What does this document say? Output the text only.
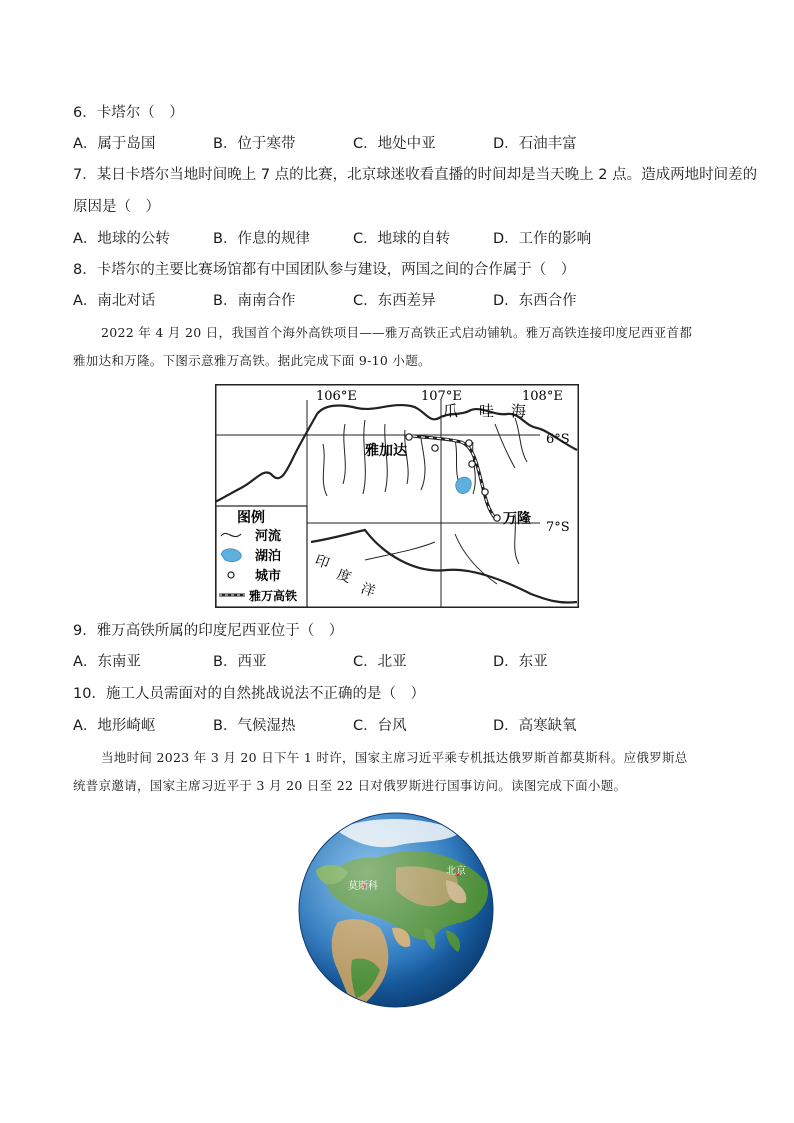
6．卡塔尔（　）
A．属于岛国	B．位于寒带	C．地处中亚	D．石油丰富
7．某日卡塔尔当地时间晚上 7 点的比赛，北京球迷收看直播的时间却是当天晚上 2 点。造成两地时间差的
原因是（　）
A．地球的公转	B．作息的规律	C．地球的自转	D．工作的影响
8．卡塔尔的主要比赛场馆都有中国团队参与建设，两国之间的合作属于（　）
A．南北对话	B．南南合作	C．东西差异	D．东西合作
2022 年 4 月 20 日，我国首个海外高铁项目——雅万高铁正式启动铺轨。雅万高铁连接印度尼西亚首都
雅加达和万隆。下图示意雅万高铁。据此完成下面 9-10 小题。
106°E	107°E	108°E
6°S
7°S
爪 哇 海
雅加达
万隆
印
度
洋
图例
河流
湖泊
城市
雅万高铁
9．雅万高铁所属的印度尼西亚位于（　）
A．东南亚	B．西亚	C．北亚	D．东亚
10．施工人员需面对的自然挑战说法不正确的是（　）
A．地形崎岖	B．气候湿热	C．台风	D．高寒缺氧
当地时间 2023 年 3 月 20 日下午 1 时许，国家主席习近平乘专机抵达俄罗斯首都莫斯科。应俄罗斯总
统普京邀请，国家主席习近平于 3 月 20 日至 22 日对俄罗斯进行国事访问。读图完成下面小题。
莫斯科
北京
